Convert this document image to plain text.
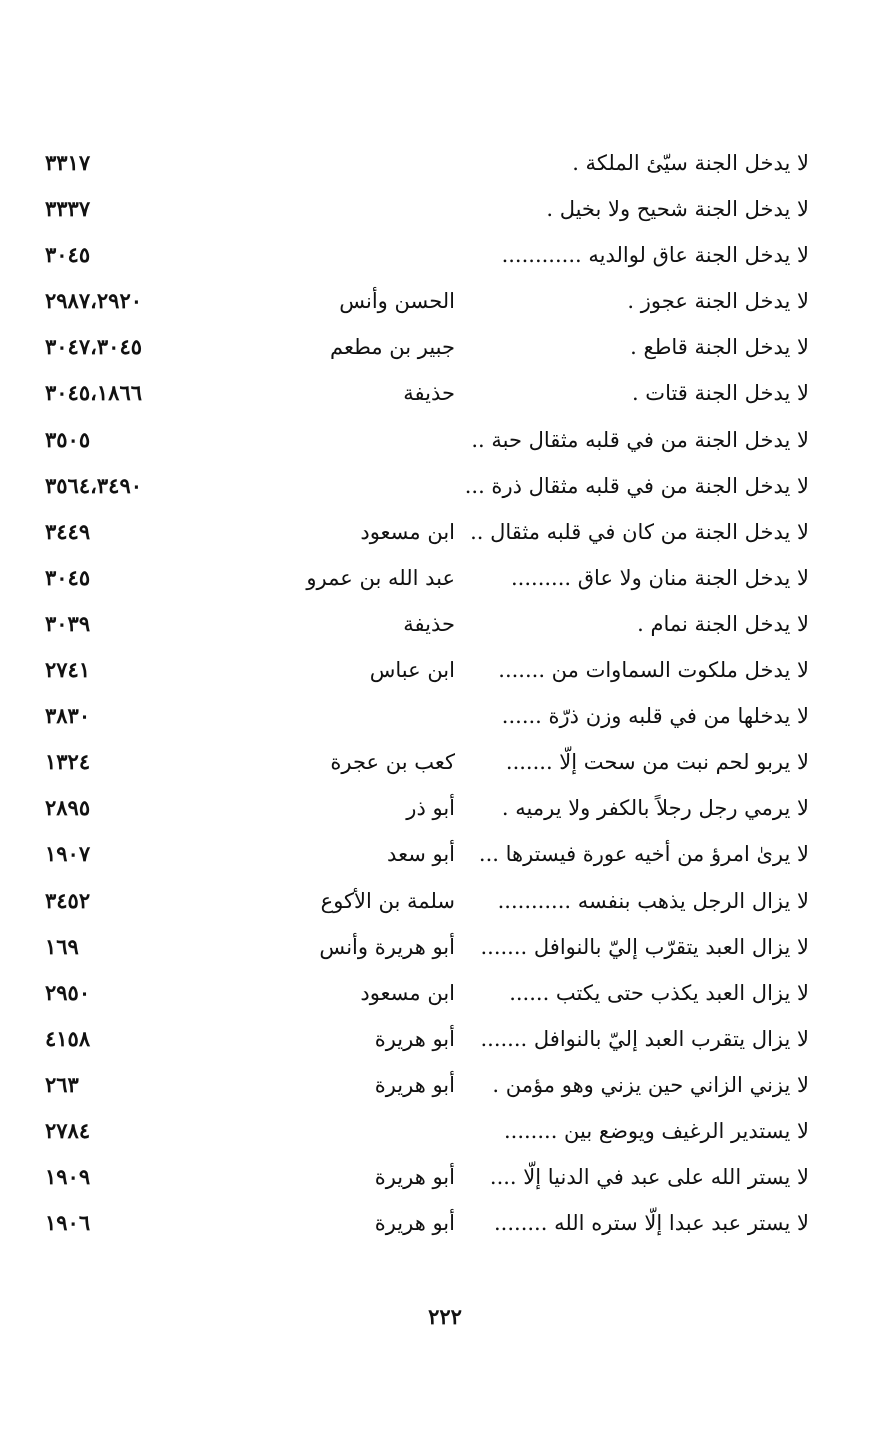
لا يدخل الجنة سيّئ الملكة .
٣٣١٧
لا يدخل الجنة شحيح ولا بخيل .
٣٣٣٧
لا يدخل الجنة عاق لوالديه ............
٣٠٤٥
لا يدخل الجنة عجوز .
الحسن وأنس
٢٩٨٧،٢٩٢٠
لا يدخل الجنة قاطع .
جبير بن مطعم
٣٠٤٧،٣٠٤٥
لا يدخل الجنة قتات .
حذيفة
٣٠٤٥،١٨٦٦
لا يدخل الجنة من في قلبه مثقال حبة ..
٣٥٠٥
لا يدخل الجنة من في قلبه مثقال ذرة ...
٣٥٦٤،٣٤٩٠
لا يدخل الجنة من كان في قلبه مثقال ..
ابن مسعود
٣٤٤٩
لا يدخل الجنة منان ولا عاق .........
عبد الله بن عمرو
٣٠٤٥
لا يدخل الجنة نمام .
حذيفة
٣٠٣٩
لا يدخل ملكوت السماوات من .......
ابن عباس
٢٧٤١
لا يدخلها من في قلبه وزن ذرّة ......
٣٨٣٠
لا يربو لحم نبت من سحت إلّا .......
كعب بن عجرة
١٣٢٤
لا يرمي رجل رجلاً بالكفر ولا يرميه .
أبو ذر
٢٨٩٥
لا يرىٰ امرؤ من أخيه عورة فيسترها ...
أبو سعد
١٩٠٧
لا يزال الرجل يذهب بنفسه ...........
سلمة بن الأكوع
٣٤٥٢
لا يزال العبد يتقرّب إليّ بالنوافل .......
أبو هريرة وأنس
١٦٩
لا يزال العبد يكذب حتى يكتب ......
ابن مسعود
٢٩٥٠
لا يزال يتقرب العبد إليّ بالنوافل .......
أبو هريرة
٤١٥٨
لا يزني الزاني حين يزني وهو مؤمن .
أبو هريرة
٢٦٣
لا يستدير الرغيف ويوضع بين ........
٢٧٨٤
لا يستر الله على عبد في الدنيا إلّا ....
أبو هريرة
١٩٠٩
لا يستر عبد عبدا إلّا ستره الله ........
أبو هريرة
١٩٠٦
٢٢٢
